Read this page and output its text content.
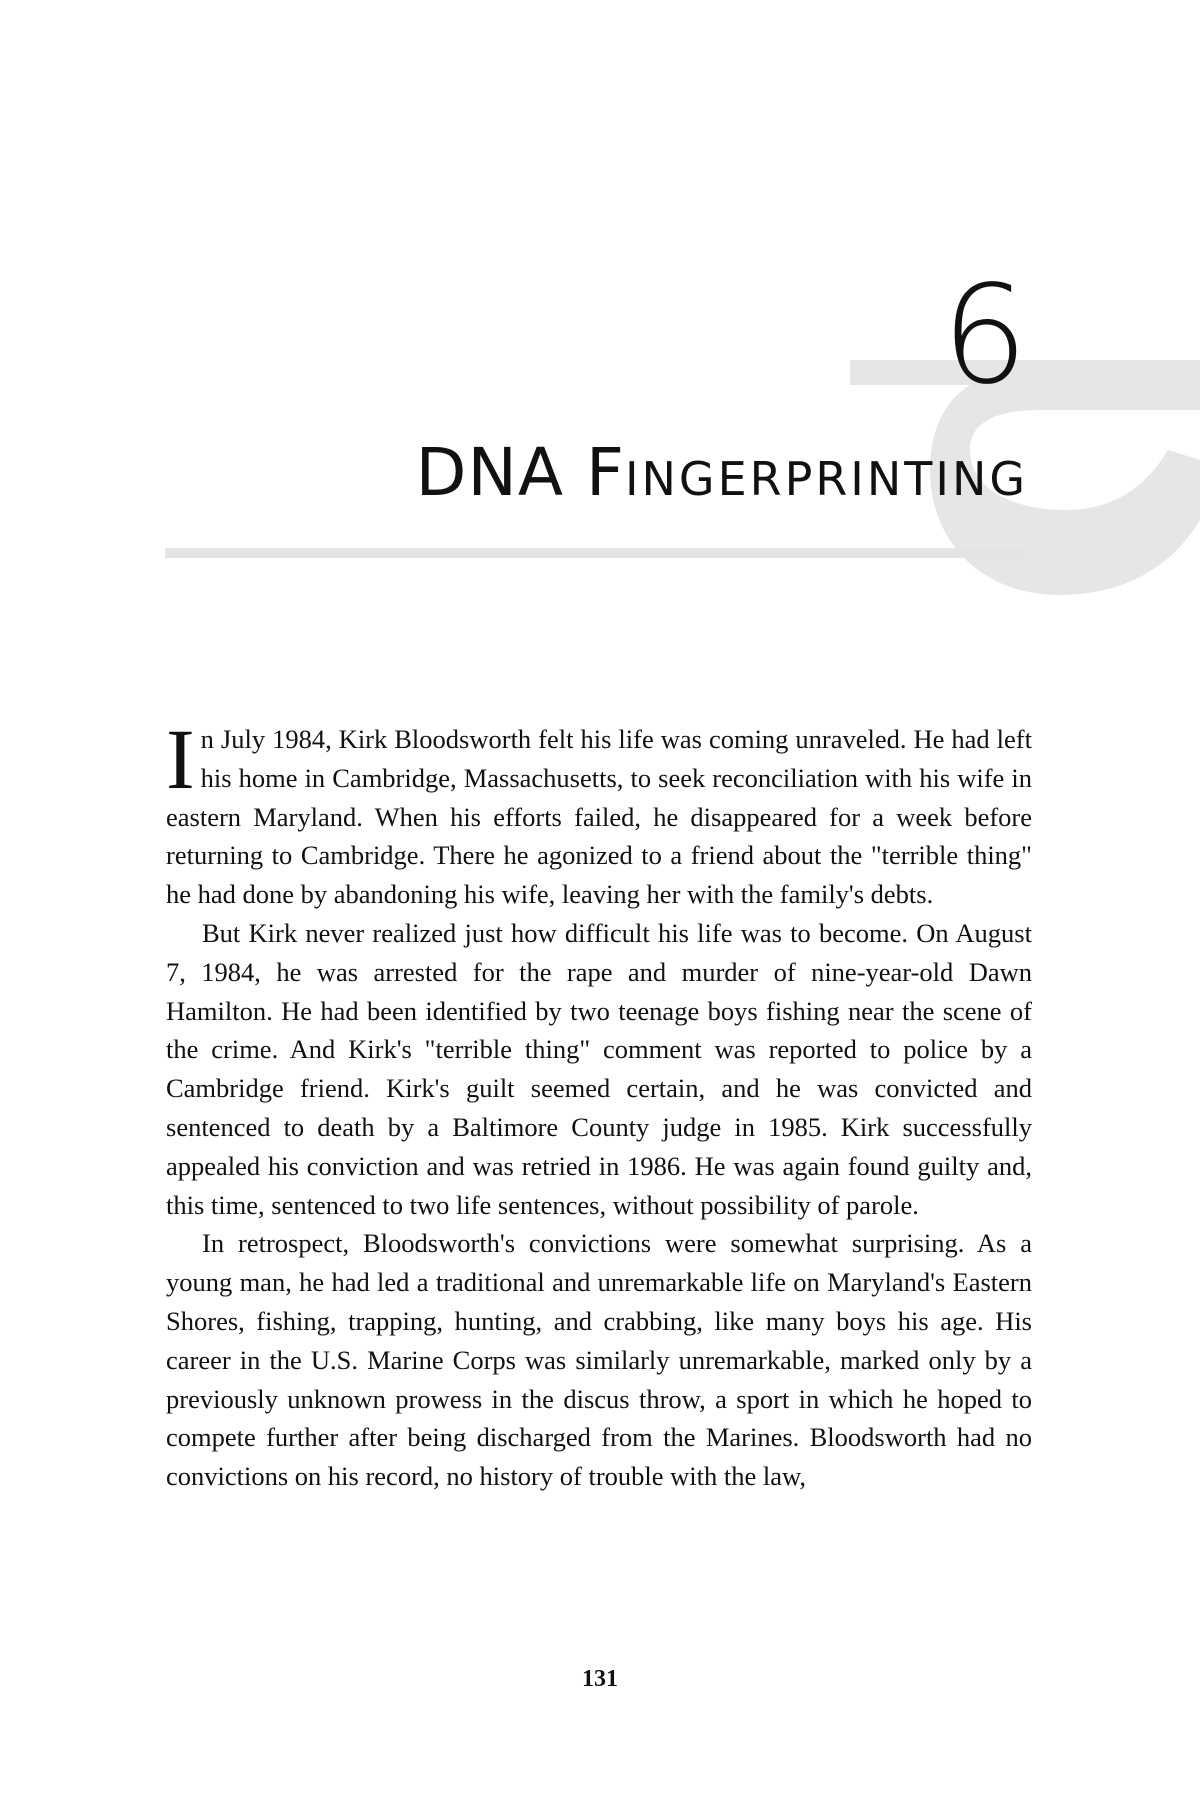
6
DNA FINGERPRINTING

In July 1984, Kirk Bloodsworth felt his life was coming unraveled. He had left his home in Cambridge, Massachusetts, to seek reconciliation with his wife in eastern Maryland. When his efforts failed, he disappeared for a week before returning to Cambridge. There he agonized to a friend about the "terrible thing" he had done by abandoning his wife, leaving her with the family's debts.

But Kirk never realized just how difficult his life was to become. On August 7, 1984, he was arrested for the rape and murder of nine-year-old Dawn Hamilton. He had been identified by two teenage boys fishing near the scene of the crime. And Kirk's "terrible thing" comment was reported to police by a Cambridge friend. Kirk's guilt seemed certain, and he was convicted and sentenced to death by a Baltimore County judge in 1985. Kirk successfully appealed his conviction and was retried in 1986. He was again found guilty and, this time, sentenced to two life sentences, without possibility of parole.

In retrospect, Bloodsworth's convictions were somewhat surprising. As a young man, he had led a traditional and unremarkable life on Maryland's Eastern Shores, fishing, trapping, hunting, and crabbing, like many boys his age. His career in the U.S. Marine Corps was similarly unremarkable, marked only by a previously unknown prowess in the discus throw, a sport in which he hoped to compete further after being discharged from the Marines. Bloodsworth had no convictions on his record, no history of trouble with the law,

131
